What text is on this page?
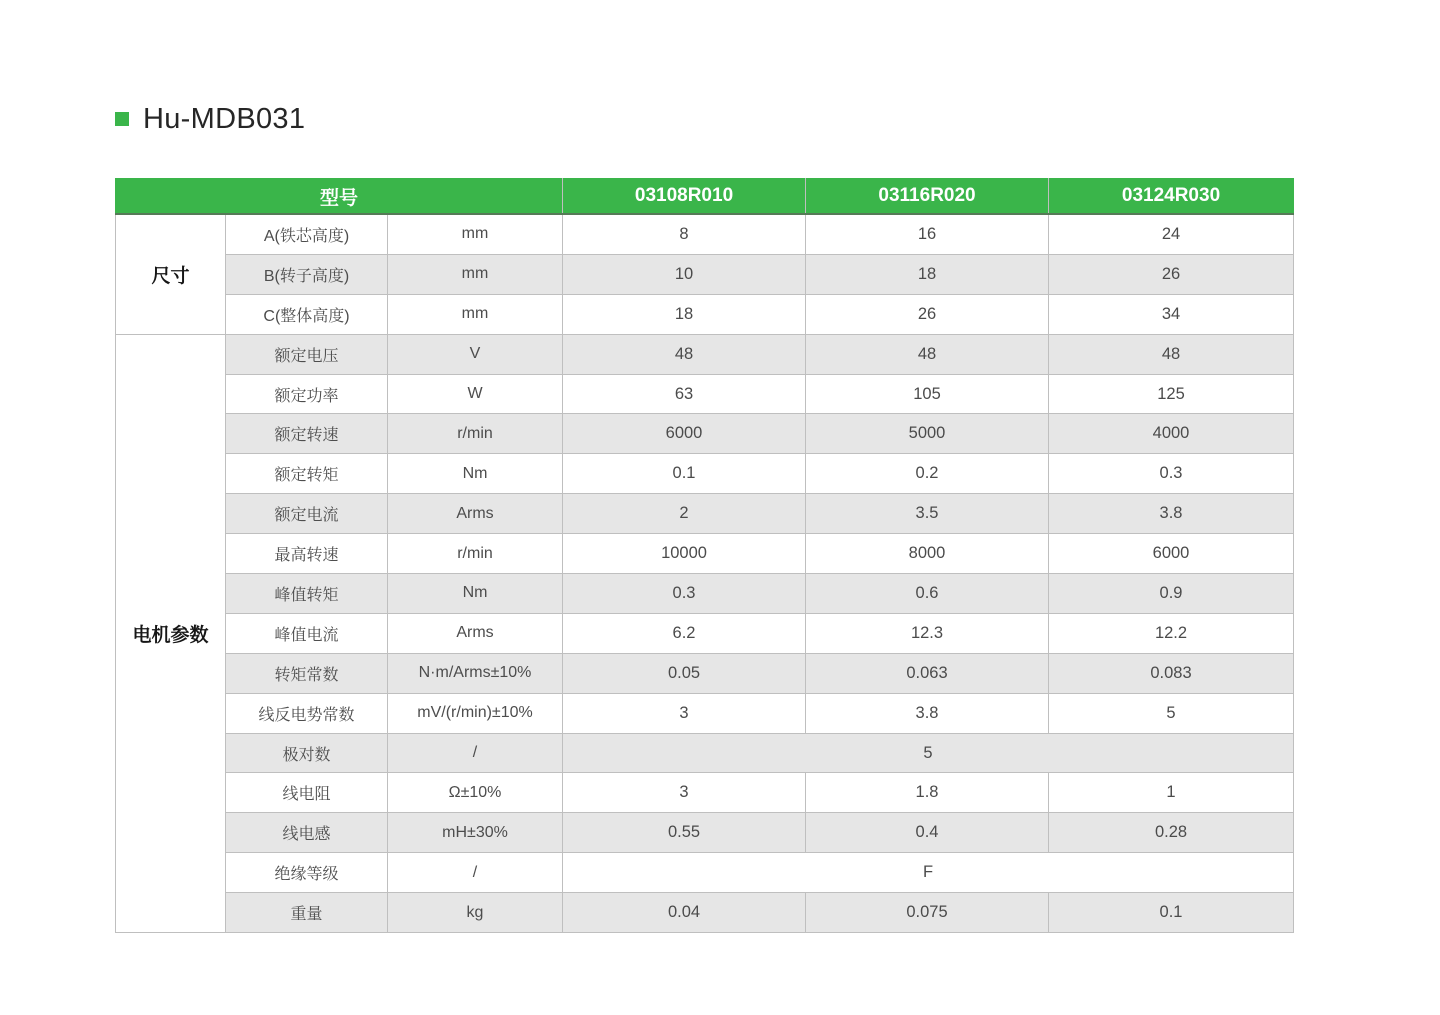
Hu-MDB031
型号			03108R010	03116R020	03124R030
尺寸	A(铁芯高度)	mm	8	16	24
	B(转子高度)	mm	10	18	26
	C(整体高度)	mm	18	26	34
电机参数	额定电压	V	48	48	48
	额定功率	W	63	105	125
	额定转速	r/min	6000	5000	4000
	额定转矩	Nm	0.1	0.2	0.3
	额定电流	Arms	2	3.5	3.8
	最高转速	r/min	10000	8000	6000
	峰值转矩	Nm	0.3	0.6	0.9
	峰值电流	Arms	6.2	12.3	12.2
	转矩常数	N·m/Arms±10%	0.05	0.063	0.083
	线反电势常数	mV/(r/min)±10%	3	3.8	5
	极对数	/	5		
	线电阻	Ω±10%	3	1.8	1
	线电感	mH±30%	0.55	0.4	0.28
	绝缘等级	/	F		
	重量	kg	0.04	0.075	0.1
